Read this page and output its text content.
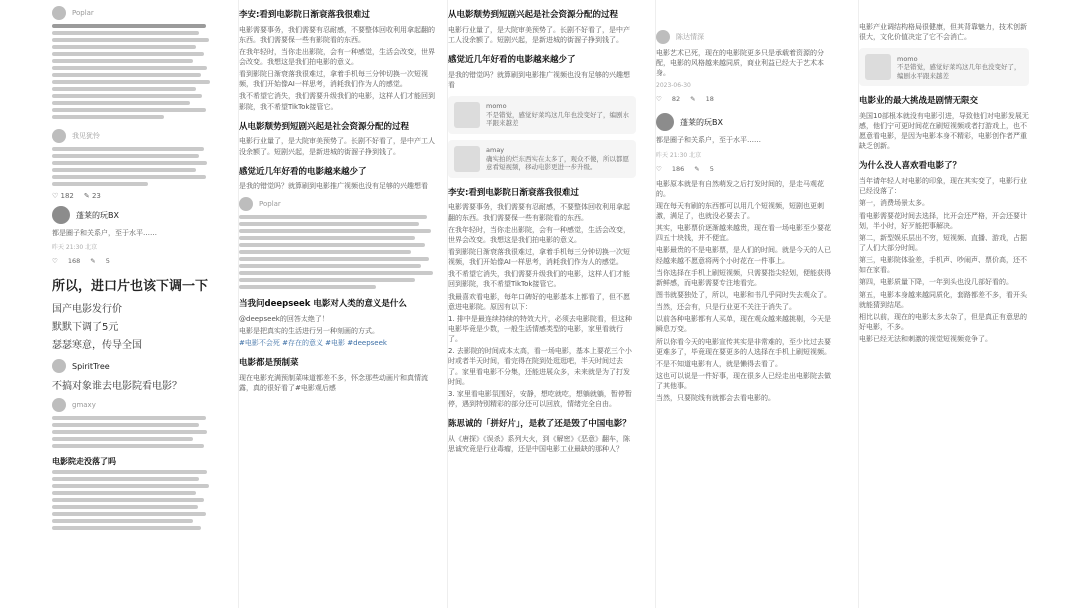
Poplar
我见犹怜
♡ 182 ✎ 23
蓬莱的玩BX
都是圈子和关系户，至于水平……
昨天 21:30 北京
♡ 168 ✎ 5
所以，进口片也该下调一下
国产电影发行价
默默下调了5元
瑟瑟寒意，传导全国
SpiritTree
不搞对象谁去电影院看电影？
gmaxy
电影院走没落了吗
李安:看到电影院日渐衰落我很难过
电影需要事务，我们需要有忍耐感，不要整体回收利用拿起翻的东西。我们需要保一些有影院看的东西。
在我年轻时，当你走出影院，会有一种感觉，生活会改变，世界会改变。我想这是我们拍电影的意义。
看到影院日渐衰落我很难过，拿着手机每三分钟切换一次短视频，我们开始像AI一样思考，消耗我们作为人的感觉。
我不希望它消失，我们需要升级我们的电影，这样人们才能回到影院，我不希望TikTok接管它。
从电影颓势到短剧兴起是社会资源分配的过程
电影行业量了，是大院审美预势了。长剧不好看了，是中产工人没余额了。短剧兴起，是新进城的街溜子挣到钱了。
感觉近几年好看的电影越来越少了
是我的错觉吗？就算刷到电影推广视频也没有足够的兴趣想看
Poplar
当我问deepseek 电影对人类的意义是什么
@deepseek的回答太绝了！
电影是把真实的生活进行另一种刻画的方式。
#电影不会死 #存在的意义 #电影 #deepseek
电影都是预制菜
现在电影充满预制菜味道都差不多，怀念那些动画片和真情流露，真的很好看了#电影观后感
从电影颓势到短剧兴起是社会资源分配的过程
电影行业量了，是大院审美预势了。长剧不好看了，是中产工人没余额了。短剧兴起，是新进城的街溜子挣到钱了。
感觉近几年好看的电影越来越少了
是我的错觉吗？就算刷到电影推广视频也没有足够的兴趣想看
momo
不是错觉，感觉好莱坞这几年也没变好了，编剧水平跟来越差
amay
确实拍的烂东西实在太多了，观众不傻，所以都愿意看短视频，移动电影更进一步升级。
李安:看到电影院日渐衰落我很难过
电影需要事务，我们需要有忍耐感，不要整体回收利用拿起翻的东西。我们需要保一些有影院看的东西。
在我年轻时，当你走出影院，会有一种感觉，生活会改变，世界会改变。我想这是我们拍电影的意义。
看到影院日渐衰落我很难过，拿着手机每三分钟切换一次短视频，我们开始像AI一样思考，消耗我们作为人的感觉。
我不希望它消失，我们需要升级我们的电影，这样人们才能回到影院，我不希望TikTok接管它。
我最喜欢看电影，每年口碑好的电影基本上都看了，但不愿意进电影院。原因有以下：
1. 排中是最连续持续的特效大片，必须去电影院看，但这种电影毕竟是少数，一般生活情感类型的电影，家里看就行了。
2. 去影院的时间成本太高，看一场电影，基本上要花三个小时或者半天时间，看完得在院到处逛逛吧，半天时间过去了。家里看电影不分集，还能进展众多，未来就是为了打发时间。
3. 家里看电影氛围好，安静，想吃就吃，想躺就躺，暂停暂停，遇到特别精彩的部分还可以回放，情绪完全自由。
陈思诚的「拼好片」，是救了还是毁了中国电影？
从《唐探》《误杀》系列大火，到《解密》《恶意》翻车，陈思诚究竟是行业毒瘤，还是中国电影工业最缺的那种人？
陈达情深
电影艺术已死，现在的电影院更多只是承载着资源的分配，电影的风格越来越同质，商业利益已经大于艺术本身。
2023-06-30
♡ 82 ✎ 18
蓬莱的玩BX
都是圈子和关系户，至于水平……
昨天 21:30 北京
♡ 186 ✎ 5
电影原本就是有自然萌发之后打发时间的，是走马观花的。
现在每天有刷的东西都可以用几个短视频，短剧也更刺激，满足了，也就没必要去了。
其实，电影票价逐渐越来越贵，现在看一场电影至少要花四五十块钱，并不便宜。
电影最贵的不是电影票，是人们的时间。就是今天的人已经越来越不愿意将两个小时花在一件事上。
当你选择在手机上刷短视频，只需要指尖轻划，便能获得新鲜感，而电影需要专注地看完。
图书就要独处了，所以，电影和书几乎同时失去观众了。
当然，还会有，只是行业更不关注于消失了。
以前各种电影都有人买单，现在观众越来越挑剔，今天是瞬息万变。
所以你看今天的电影宣传其实是非常难的，至少比过去要更难多了，毕竟现在要更多的人选择在手机上刷短视频。
不是不知道电影有人，就是懒得去看了。
这也可以说是一件好事，现在很多人已经走出电影院去做了其他事。
当然，只要院线有就都会去看电影的。
电影产业调结构格局很健康，但其背靠魅力，技术创新很大，文化价值决定了它不会消亡。
momo
不是错觉，感觉好莱坞这几年也没变好了，编剧水平跟来越差
电影业的最大挑战是剧情无限交
美国10部根本就没有电影引进，导致他们对电影发展无感，他们宁可更时间花在刷短视频或者打游戏上，也不愿意看电影，是因为电影本身不精彩，电影创作者严重缺乏创新。
为什么没人喜欢看电影了？
当年请年轻人对电影的印象，现在其实变了，电影行业已经没落了：
第一，消费场景太多。
看电影需要花时间去选择，比开会还严格，开会还要计划，半小时，好歹能把事解决。
第二，新型娱乐层出不穷，短视频、直播、游戏，占据了人们大部分时间。
第三，电影院体验差，手机声、吵闹声、票价高，还不如在家看。
第四，电影质量下降，一年到头也没几部好看的。
第五，电影本身越来越同质化，套路都差不多，看开头就能猜到结尾。
相比以前，现在的电影太多太杂了，但是真正有意思的好电影，不多。
电影已经无法和刺激的视觉短视频竞争了。
